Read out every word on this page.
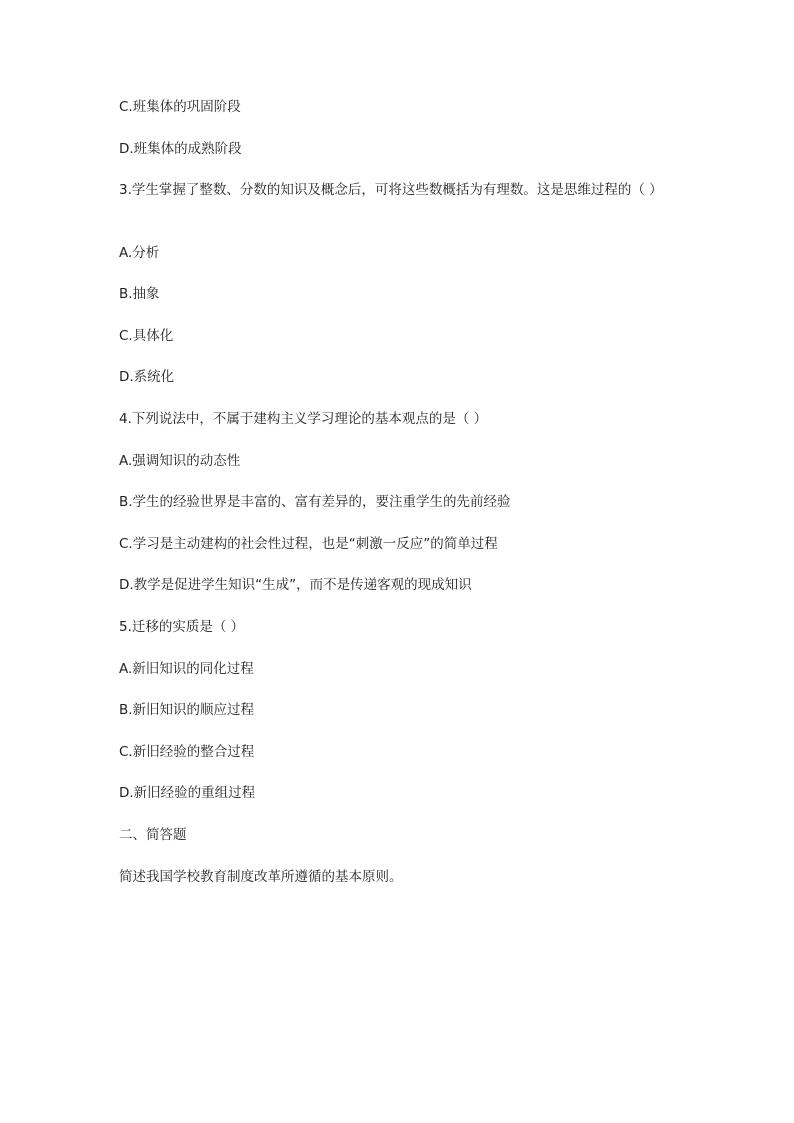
C.班集体的巩固阶段
D.班集体的成熟阶段
3.学生掌握了整数、分数的知识及概念后，可将这些数概括为有理数。这是思维过程的（ ）
A.分析
B.抽象
C.具体化
D.系统化
4.下列说法中，不属于建构主义学习理论的基本观点的是（ ）
A.强调知识的动态性
B.学生的经验世界是丰富的、富有差异的，要注重学生的先前经验
C.学习是主动建构的社会性过程，也是“刺激一反应”的简单过程
D.教学是促进学生知识“生成”，而不是传递客观的现成知识
5.迁移的实质是（ ）
A.新旧知识的同化过程
B.新旧知识的顺应过程
C.新旧经验的整合过程
D.新旧经验的重组过程
二、简答题
简述我国学校教育制度改革所遵循的基本原则。
